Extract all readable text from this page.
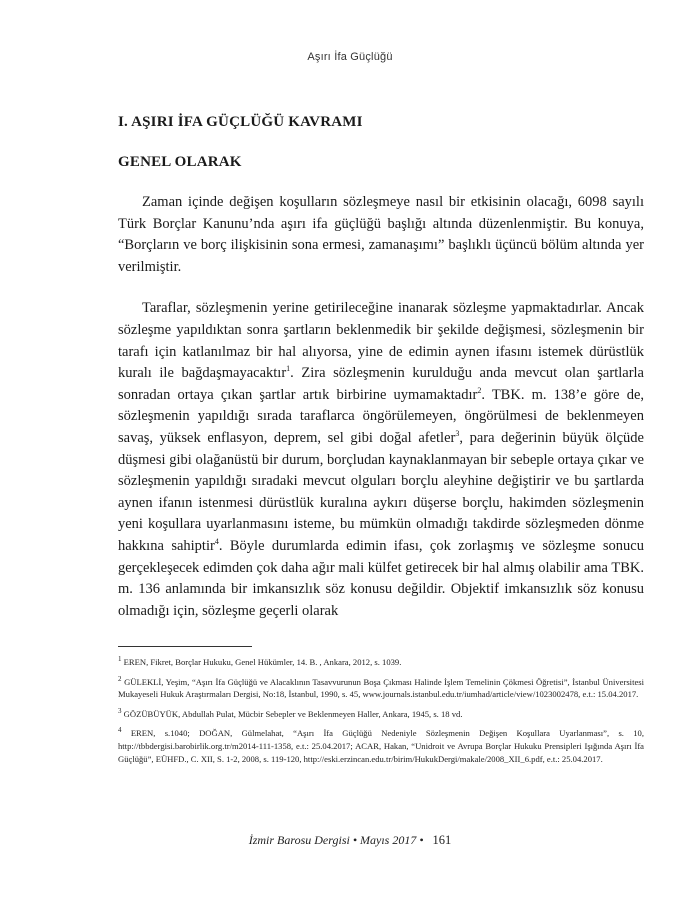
Aşırı İfa Güçlüğü
I. AŞIRI İFA GÜÇLÜĞÜ KAVRAMI
GENEL OLARAK

Zaman içinde değişen koşulların sözleşmeye nasıl bir etkisinin olacağı, 6098 sayılı Türk Borçlar Kanunu’nda aşırı ifa güçlüğü başlığı altında düzenlenmiştir. Bu konuya, “Borçların ve borç ilişkisinin sona ermesi, zamanaşımı” başlıklı üçüncü bölüm altında yer verilmiştir.

Taraflar, sözleşmenin yerine getirileceğine inanarak sözleşme yapmaktadırlar. Ancak sözleşme yapıldıktan sonra şartların beklenmedik bir şekilde değişmesi, sözleşmenin bir tarafı için katlanılmaz bir hal alıyorsa, yine de edimin aynen ifasını istemek dürüstlük kuralı ile bağdaşmayacaktır$^1$. Zira sözleşmenin kurulduğu anda mevcut olan şartlarla sonradan ortaya çıkan şartlar artık birbirine uymamaktadır$^2$. TBK. m. 138’e göre de, sözleşmenin yapıldığı sırada taraflarca öngörülemeyen, öngörülmesi de beklenmeyen savaş, yüksek enflasyon, deprem, sel gibi doğal afetler$^3$, para değerinin büyük ölçüde düşmesi gibi olağanüstü bir durum, borçludan kaynaklanmayan bir sebeple ortaya çıkar ve sözleşmenin yapıldığı sıradaki mevcut olguları borçlu aleyhine değiştirir ve bu şartlarda aynen ifanın istenmesi dürüstlük kuralına aykırı düşerse borçlu, hakimden sözleşmenin yeni koşullara uyarlanmasını isteme, bu mümkün olmadığı takdirde sözleşmeden dönme hakkına sahiptir$^4$. Böyle durumlarda edimin ifası, çok zorlaşmış ve sözleşme sonucu gerçekleşecek edimden çok daha ağır mali külfet getirecek bir hal almış olabilir ama TBK. m. 136 anlamında bir imkansızlık söz konusu değildir. Objektif imkansızlık söz konusu olmadığı için, sözleşme geçerli olarak

$^1$ EREN, Fikret, Borçlar Hukuku, Genel Hükümler, 14. B. , Ankara, 2012, s. 1039.
$^2$ GÜLEKLİ, Yeşim, “Aşırı İfa Güçlüğü ve Alacaklının Tasavvurunun Boşa Çıkması Halinde İşlem Temelinin Çökmesi Öğretisi”, İstanbul Üniversitesi Mukayeseli Hukuk Araştırmaları Dergisi, No:18, İstanbul, 1990, s. 45, www.journals.istanbul.edu.tr/iumhad/article/view/1023002478, e.t.: 15.04.2017.
$^3$ GÖZÜBÜYÜK, Abdullah Pulat, Mücbir Sebepler ve Beklenmeyen Haller, Ankara, 1945, s. 18 vd.
$^4$ EREN, s.1040; DOĞAN, Gülmelahat, “Aşırı İfa Güçlüğü Nedeniyle Sözleşmenin Değişen Koşullara Uyarlanması”, s. 10, http://tbbdergisi.barobirlik.org.tr/m2014-111-1358, e.t.: 25.04.2017; ACAR, Hakan, “Unidroit ve Avrupa Borçlar Hukuku Prensipleri Işığında Aşırı İfa Güçlüğü”, EÜHFD., C. XII, S. 1-2, 2008, s. 119-120, http://eski.erzincan.edu.tr/birim/HukukDergi/makale/2008_XII_6.pdf, e.t.: 25.04.2017.
İzmir Barosu Dergisi • Mayıs 2017 • 161
